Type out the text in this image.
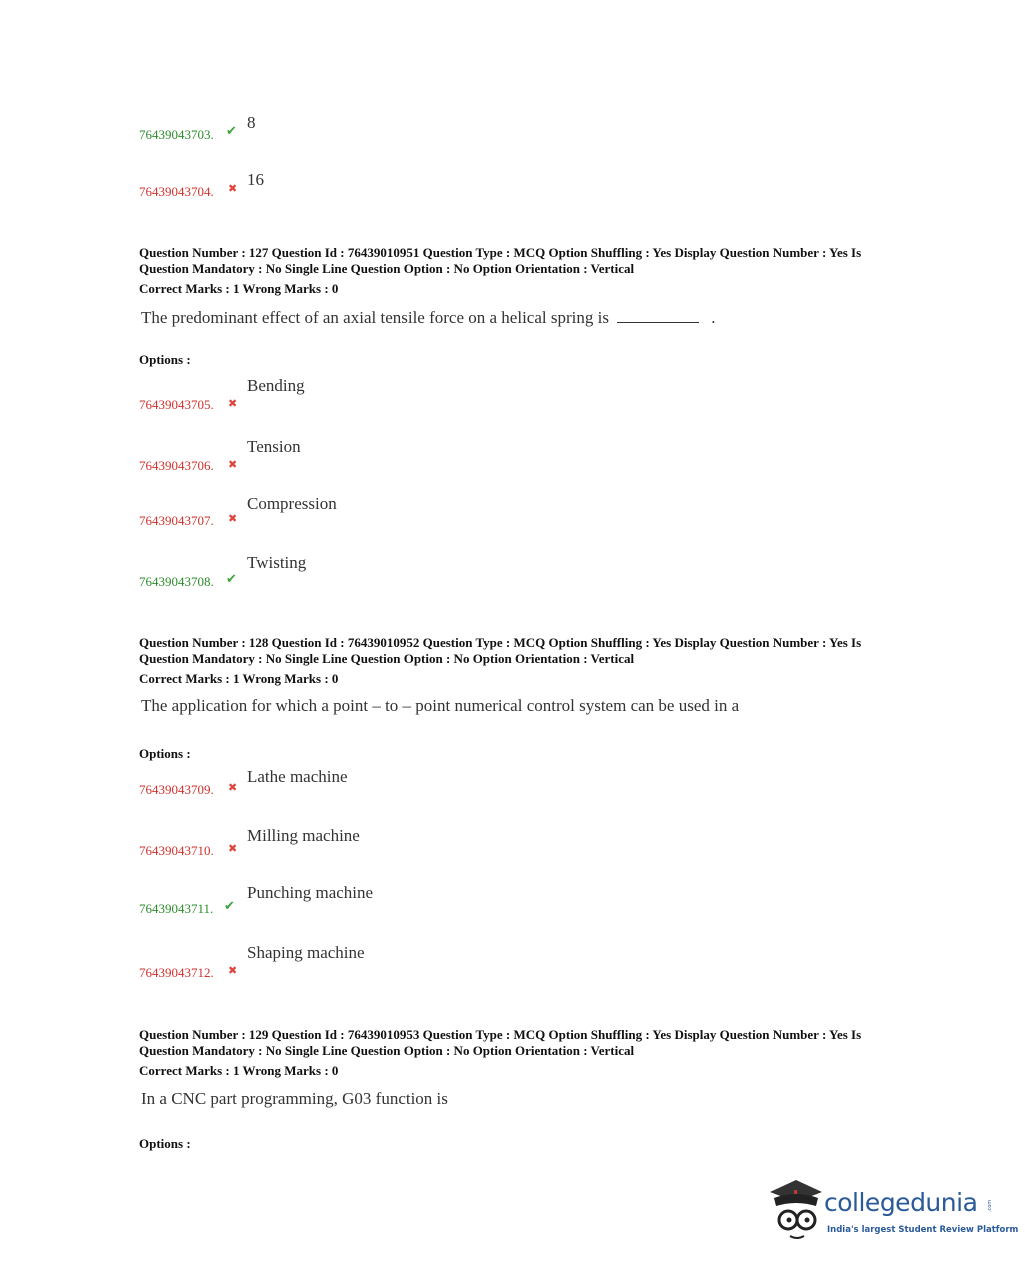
76439043703. ✔ 8
76439043704. ✖ 16
Question Number : 127 Question Id : 76439010951 Question Type : MCQ Option Shuffling : Yes Display Question Number : Yes Is Question Mandatory : No Single Line Question Option : No Option Orientation : Vertical
Correct Marks : 1 Wrong Marks : 0
The predominant effect of an axial tensile force on a helical spring is	.
Options :
76439043705. ✖
Bending
76439043706. ✖
Tension
76439043707. ✖
Compression
76439043708. ✔
Twisting
Question Number : 128 Question Id : 76439010952 Question Type : MCQ Option Shuffling : Yes Display Question Number : Yes Is Question Mandatory : No Single Line Question Option : No Option Orientation : Vertical
Correct Marks : 1 Wrong Marks : 0
The application for which a point – to – point numerical control system can be used in a
Options :
76439043709. ✖
Lathe machine
76439043710. ✖
Milling machine
76439043711. ✔
Punching machine
76439043712. ✖
Shaping machine
Question Number : 129 Question Id : 76439010953 Question Type : MCQ Option Shuffling : Yes Display Question Number : Yes Is Question Mandatory : No Single Line Question Option : No Option Orientation : Vertical
Correct Marks : 1 Wrong Marks : 0
In a CNC part programming, G03 function is
Options :
collegedunia .com
India's largest Student Review Platform
